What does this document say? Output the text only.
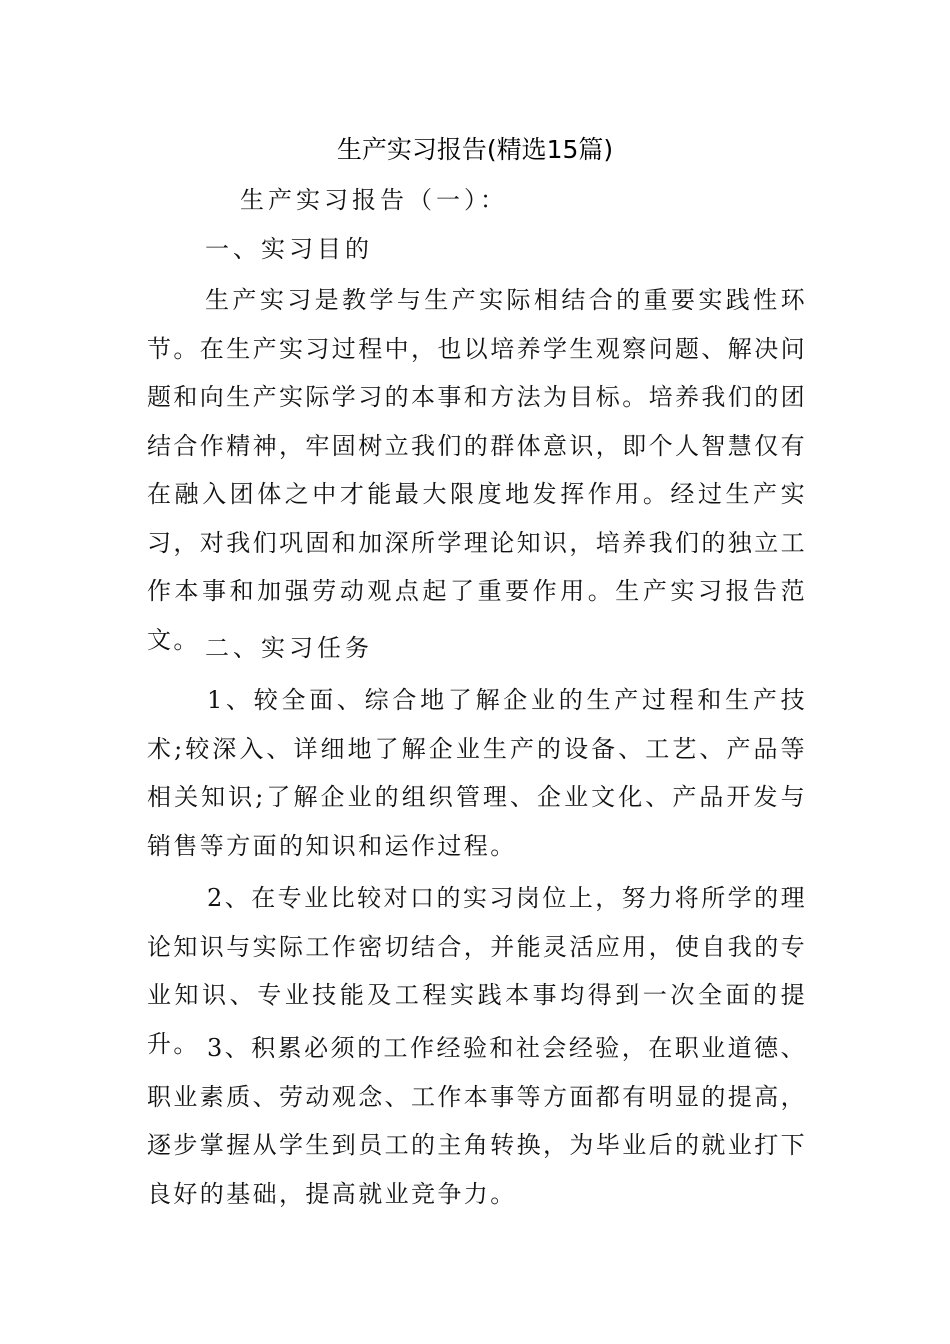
生产实习报告(精选15篇)

生产实习报告（一）：

一、实习目的

生产实习是教学与生产实际相结合的重要实践性环节。在生产实习过程中，也以培养学生观察问题、解决问题和向生产实际学习的本事和方法为目标。培养我们的团结合作精神，牢固树立我们的群体意识，即个人智慧仅有在融入团体之中才能最大限度地发挥作用。经过生产实习，对我们巩固和加深所学理论知识，培养我们的独立工作本事和加强劳动观点起了重要作用。生产实习报告范文。 二、实习任务

1、较全面、综合地了解企业的生产过程和生产技术;较深入、详细地了解企业生产的设备、工艺、产品等相关知识;了解企业的组织管理、企业文化、产品开发与销售等方面的知识和运作过程。

2、在专业比较对口的实习岗位上，努力将所学的理论知识与实际工作密切结合，并能灵活应用，使自我的专业知识、专业技能及工程实践本事均得到一次全面的提升。 3、积累必须的工作经验和社会经验，在职业道德、职业素质、劳动观念、工作本事等方面都有明显的提高，逐步掌握从学生到员工的主角转换，为毕业后的就业打下良好的基础，提高就业竞争力。
